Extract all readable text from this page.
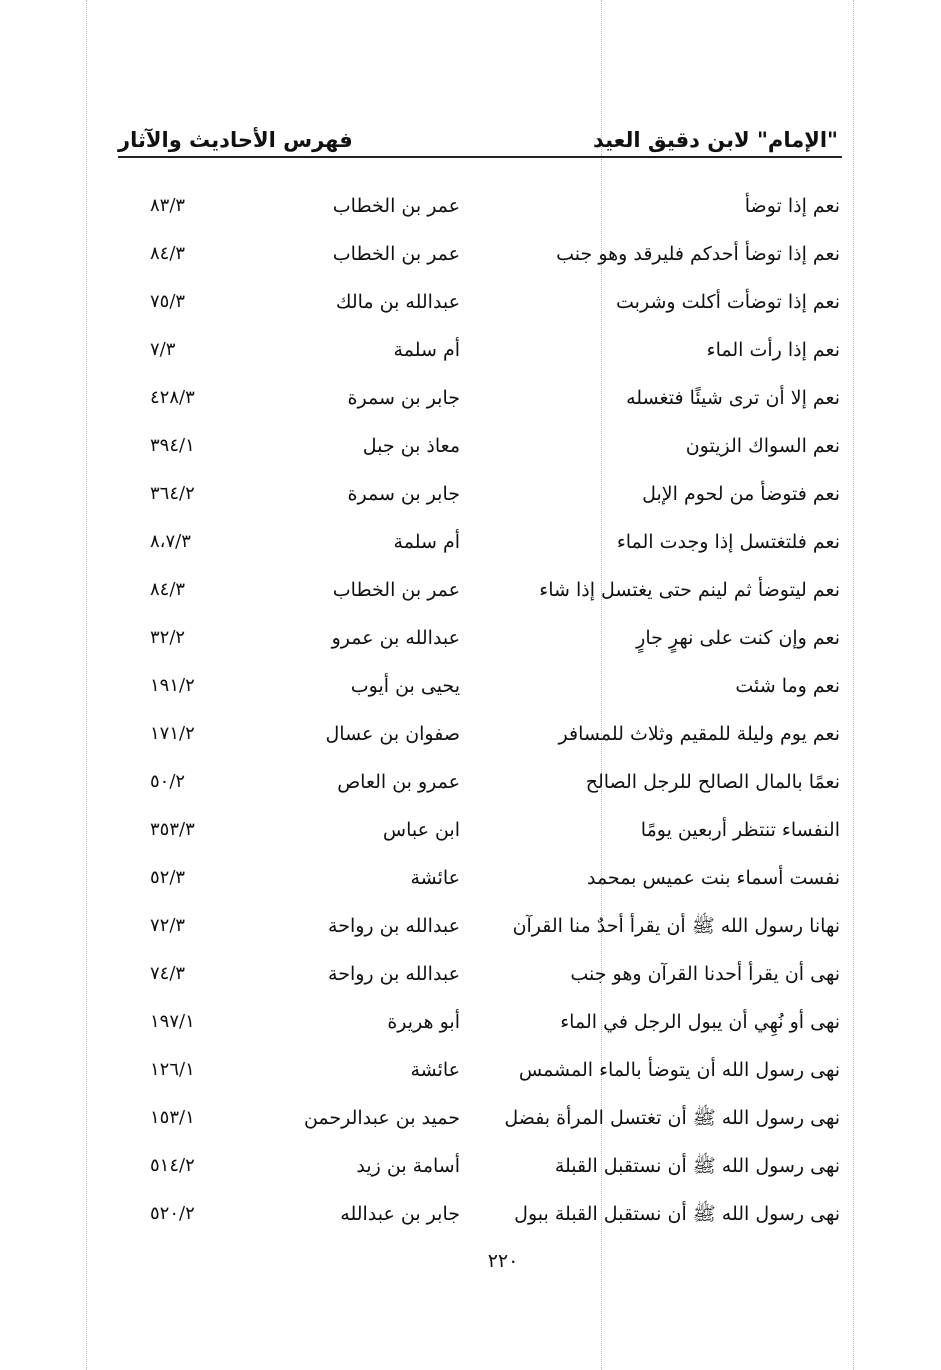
فهرس الأحاديث والآثار	"الإمام" لابن دقيق العيد
نعم إذا توضأ
عمر بن الخطاب
٨٣/٣
نعم إذا توضأ أحدكم فليرقد وهو جنب
عمر بن الخطاب
٨٤/٣
نعم إذا توضأت أكلت وشربت
عبدالله بن مالك
٧٥/٣
نعم إذا رأت الماء
أم سلمة
٧/٣
نعم إلا أن ترى شيئًا فتغسله
جابر بن سمرة
٤٢٨/٣
نعم السواك الزيتون
معاذ بن جبل
٣٩٤/١
نعم فتوضأ من لحوم الإبل
جابر بن سمرة
٣٦٤/٢
نعم فلتغتسل إذا وجدت الماء
أم سلمة
٨،٧/٣
نعم ليتوضأ ثم لينم حتى يغتسل إذا شاء
عمر بن الخطاب
٨٤/٣
نعم وإن كنت على نهرٍ جارٍ
عبدالله بن عمرو
٣٢/٢
نعم وما شئت
يحيى بن أيوب
١٩١/٢
نعم يوم وليلة للمقيم وثلاث للمسافر
صفوان بن عسال
١٧١/٢
نعمًا بالمال الصالح للرجل الصالح
عمرو بن العاص
٥٠/٢
النفساء تنتظر أربعين يومًا
ابن عباس
٣٥٣/٣
نفست أسماء بنت عميس بمحمد
عائشة
٥٢/٣
نهانا رسول الله ﷺ أن يقرأ أحدٌ منا القرآن
عبدالله بن رواحة
٧٢/٣
نهى أن يقرأ أحدنا القرآن وهو جنب
عبدالله بن رواحة
٧٤/٣
نهى أو نُهِي أن يبول الرجل في الماء
أبو هريرة
١٩٧/١
نهى رسول الله أن يتوضأ بالماء المشمس
عائشة
١٢٦/١
نهى رسول الله ﷺ أن تغتسل المرأة بفضل
حميد بن عبدالرحمن
١٥٣/١
نهى رسول الله ﷺ أن نستقبل القبلة
أسامة بن زيد
٥١٤/٢
نهى رسول الله ﷺ أن نستقبل القبلة ببول
جابر بن عبدالله
٥٢٠/٢
٢٢٠
